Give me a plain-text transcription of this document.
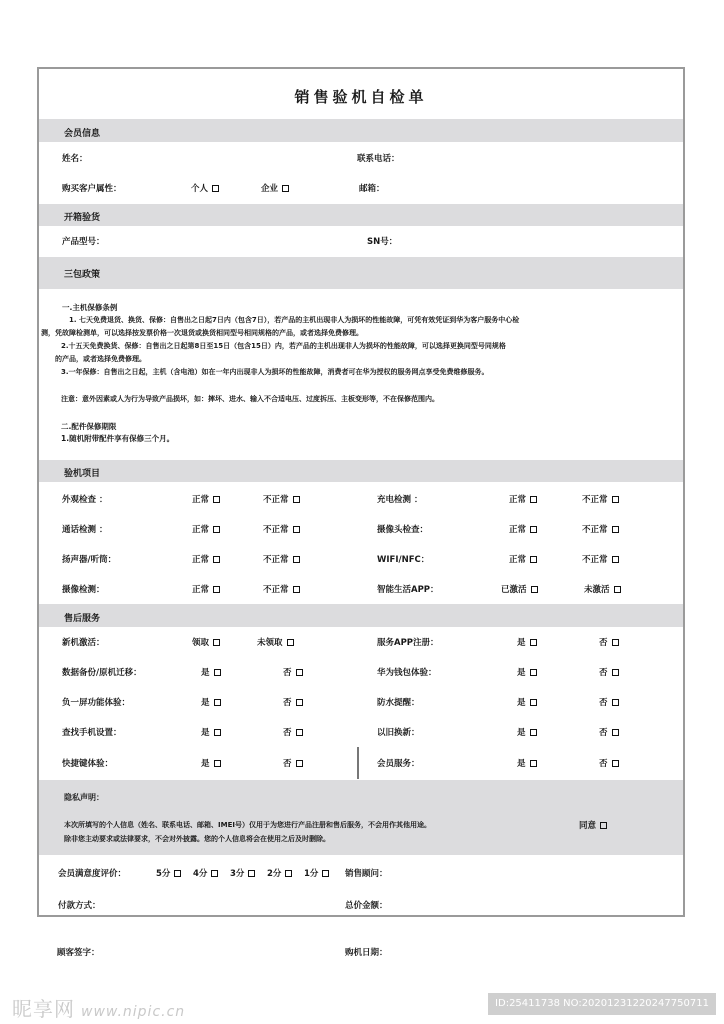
销售验机自检单
会员信息
姓名：	联系电话：
购买客户属性：	个人	企业	邮箱：
开箱验货
产品型号：	SN号：
三包政策
一.主机保修条例
1. 七天免费退货、换货、保修：自售出之日起7日内（包含7日），若产品的主机出现非人为损坏的性能故障，可凭有效凭证到华为客户服务中心检
测，凭故障检测单，可以选择按发票价格一次退货或换货相同型号相同规格的产品，或者选择免费修理。
2.十五天免费换货、保修：自售出之日起第8日至15日（包含15日）内，若产品的主机出现非人为损坏的性能故障，可以选择更换同型号同规格
的产品，或者选择免费修理。
3.一年保修：自售出之日起，主机（含电池）如在一年内出现非人为损坏的性能故障，消费者可在华为授权的服务网点享受免费维修服务。
注意：意外因素或人为行为导致产品损坏，如：摔坏、进水、输入不合适电压、过度拆压、主板变形等，不在保修范围内。
二.配件保修期限
1.随机附带配件享有保修三个月。
验机项目
外观检查 ：	正常	不正常	充电检测 ：	正常	不正常
通话检测 ：	正常	不正常	摄像头检查：	正常	不正常
扬声器/听筒：	正常	不正常	WIFI/NFC：	正常	不正常
摄像检测：	正常	不正常	智能生活APP：	已激活	未激活
售后服务
新机激活：	领取	未领取	服务APP注册：	是	否
数据备份/原机迁移：	是	否	华为钱包体验：	是	否
负一屏功能体验：	是	否	防水提醒：	是	否
查找手机设置：	是	否	以旧换新：	是	否
快捷键体验：	是	否	会员服务：	是	否
隐私声明：
本次所填写的个人信息（姓名、联系电话、邮箱、IMEI号）仅用于为您进行产品注册和售后服务，不会用作其他用途。
除非您主动要求或法律要求，不会对外披露。您的个人信息将会在使用之后及时删除。
同意
会员满意度评价：	5分	4分	3分	2分	1分	销售顾问：
付款方式：	总价金额：
顾客签字：	购机日期：
昵享网 www.nipic.cn
ID:25411738 NO:20201231220247750711
